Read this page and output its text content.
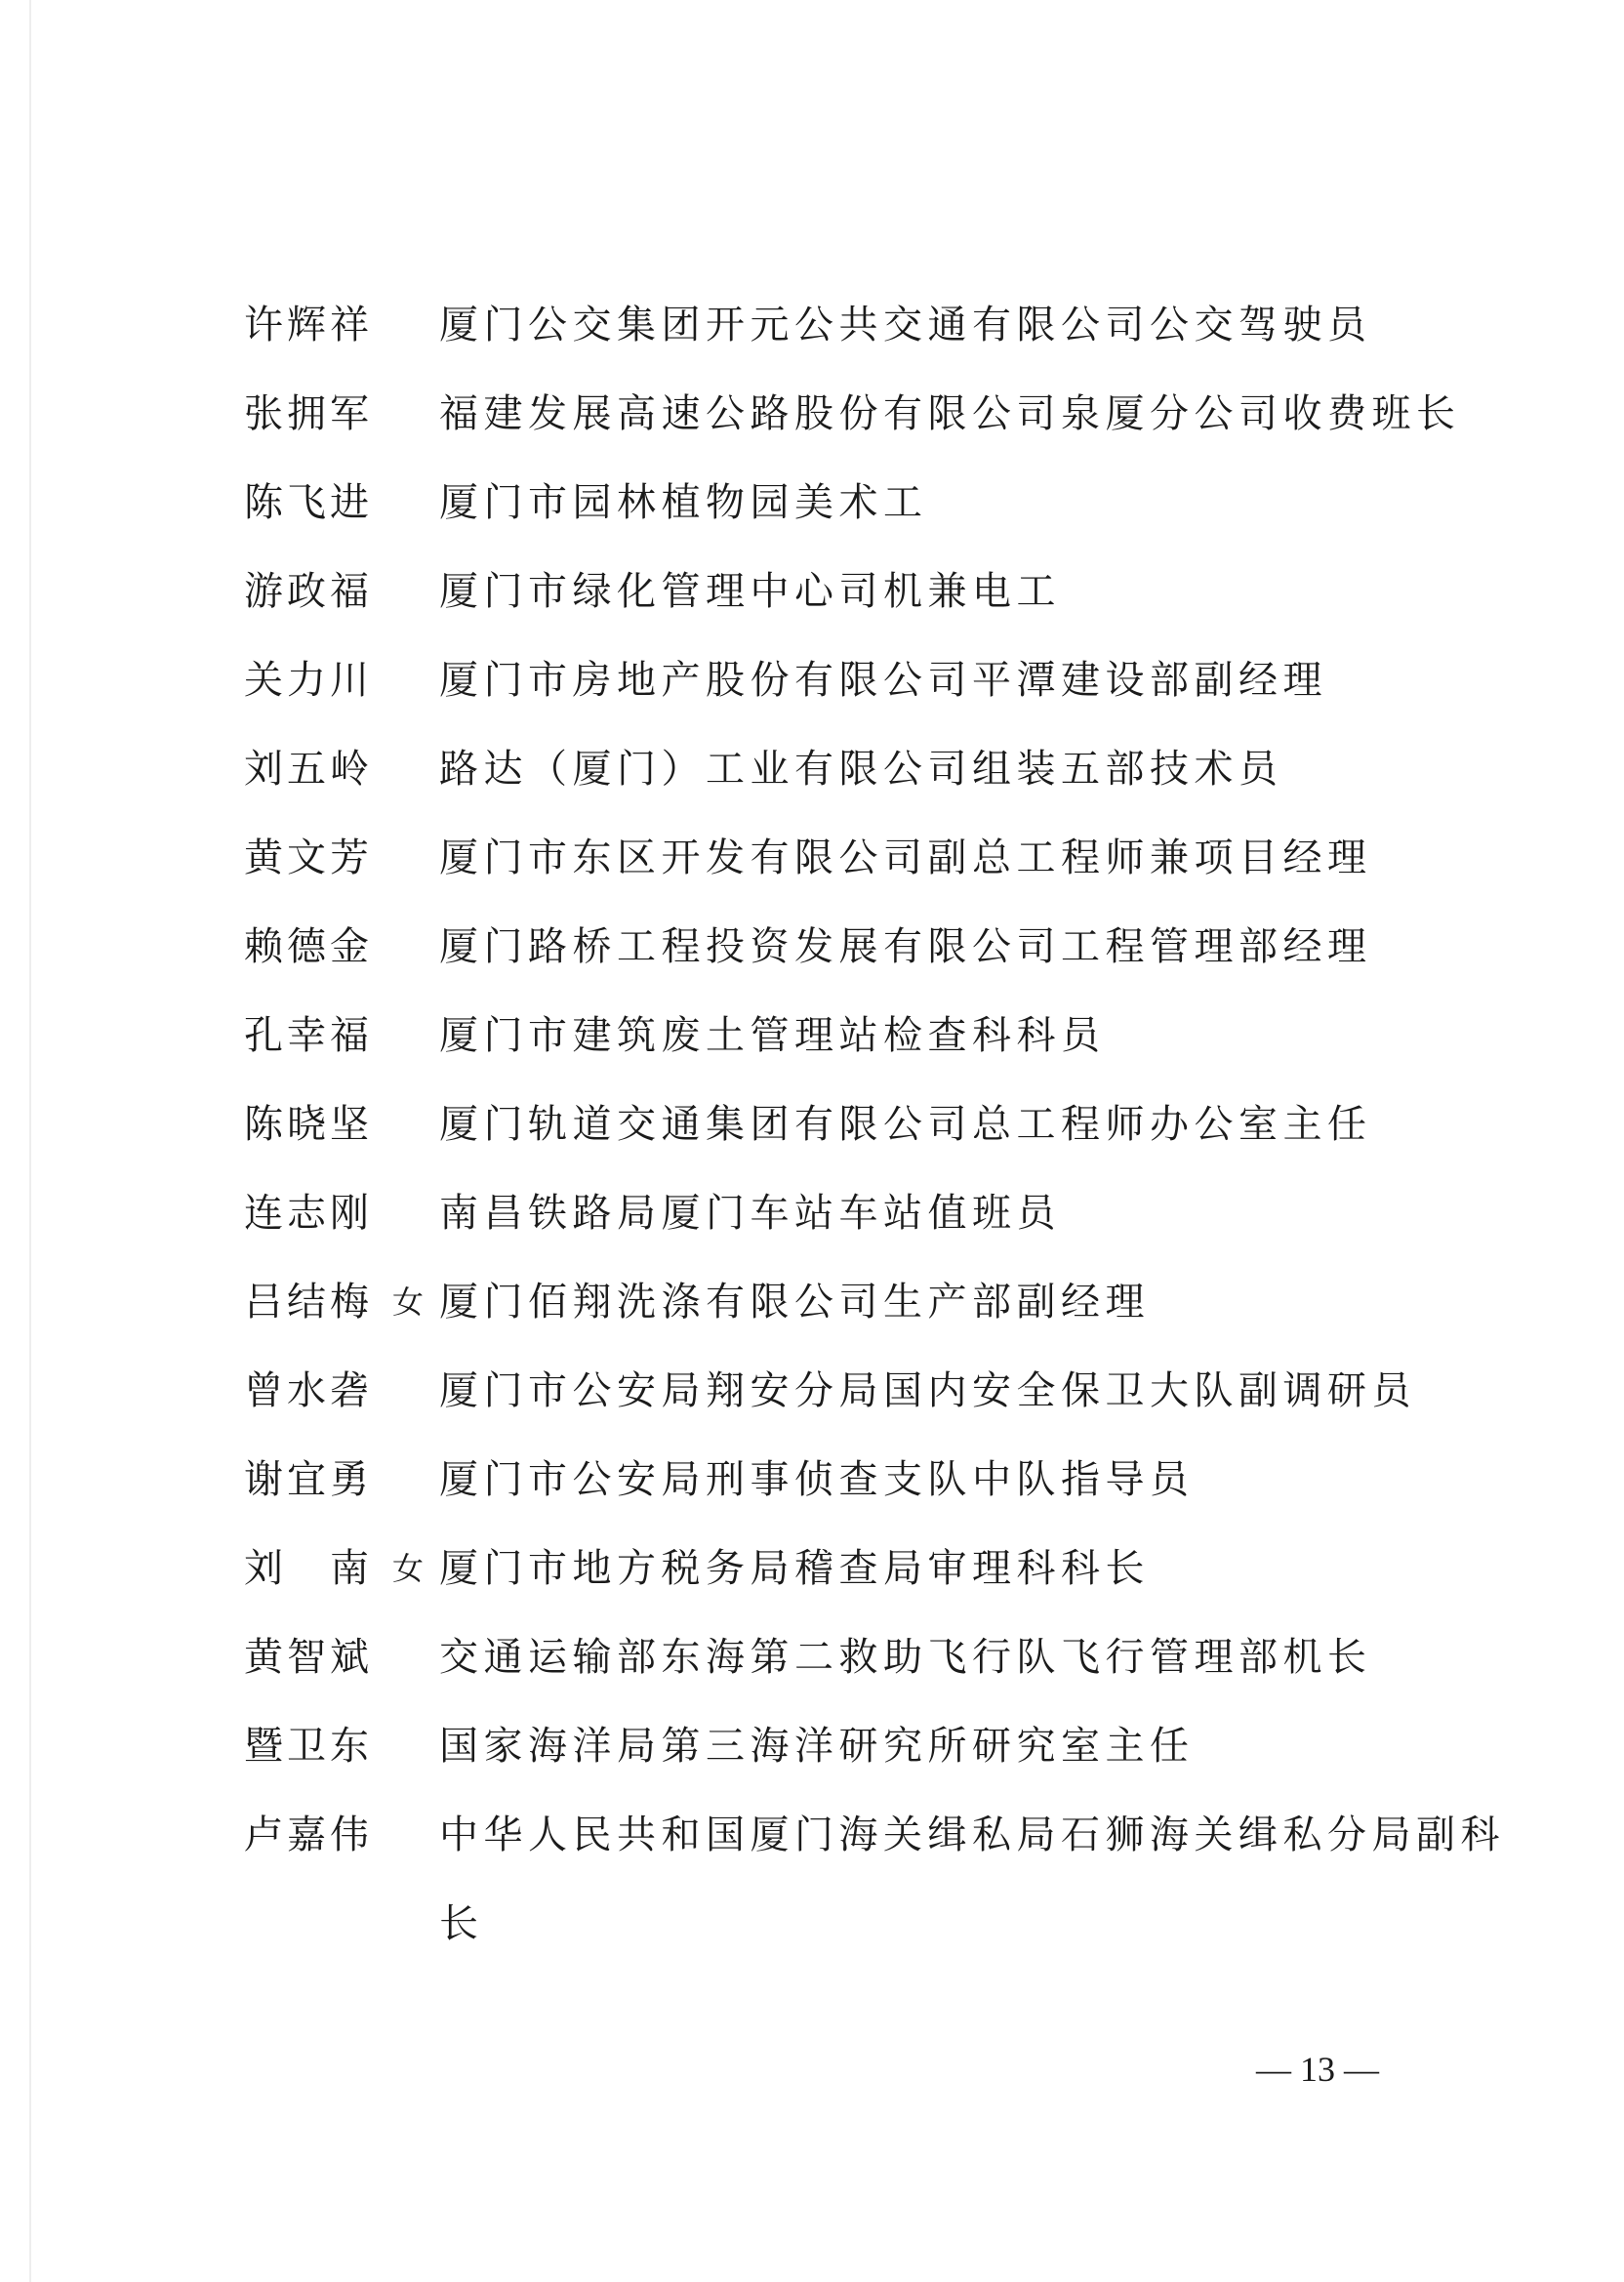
许辉祥	厦门公交集团开元公共交通有限公司公交驾驶员
张拥军	福建发展高速公路股份有限公司泉厦分公司收费班长
陈飞进	厦门市园林植物园美术工
游政福	厦门市绿化管理中心司机兼电工
关力川	厦门市房地产股份有限公司平潭建设部副经理
刘五岭	路达（厦门）工业有限公司组装五部技术员
黄文芳	厦门市东区开发有限公司副总工程师兼项目经理
赖德金	厦门路桥工程投资发展有限公司工程管理部经理
孔幸福	厦门市建筑废土管理站检查科科员
陈晓坚	厦门轨道交通集团有限公司总工程师办公室主任
连志刚	南昌铁路局厦门车站车站值班员
吕结梅 女 厦门佰翔洗涤有限公司生产部副经理
曾水砻	厦门市公安局翔安分局国内安全保卫大队副调研员
谢宜勇	厦门市公安局刑事侦查支队中队指导员
刘 南 女 厦门市地方税务局稽查局审理科科长
黄智斌	交通运输部东海第二救助飞行队飞行管理部机长
暨卫东	国家海洋局第三海洋研究所研究室主任
卢嘉伟	中华人民共和国厦门海关缉私局石狮海关缉私分局副科长
— 13 —
